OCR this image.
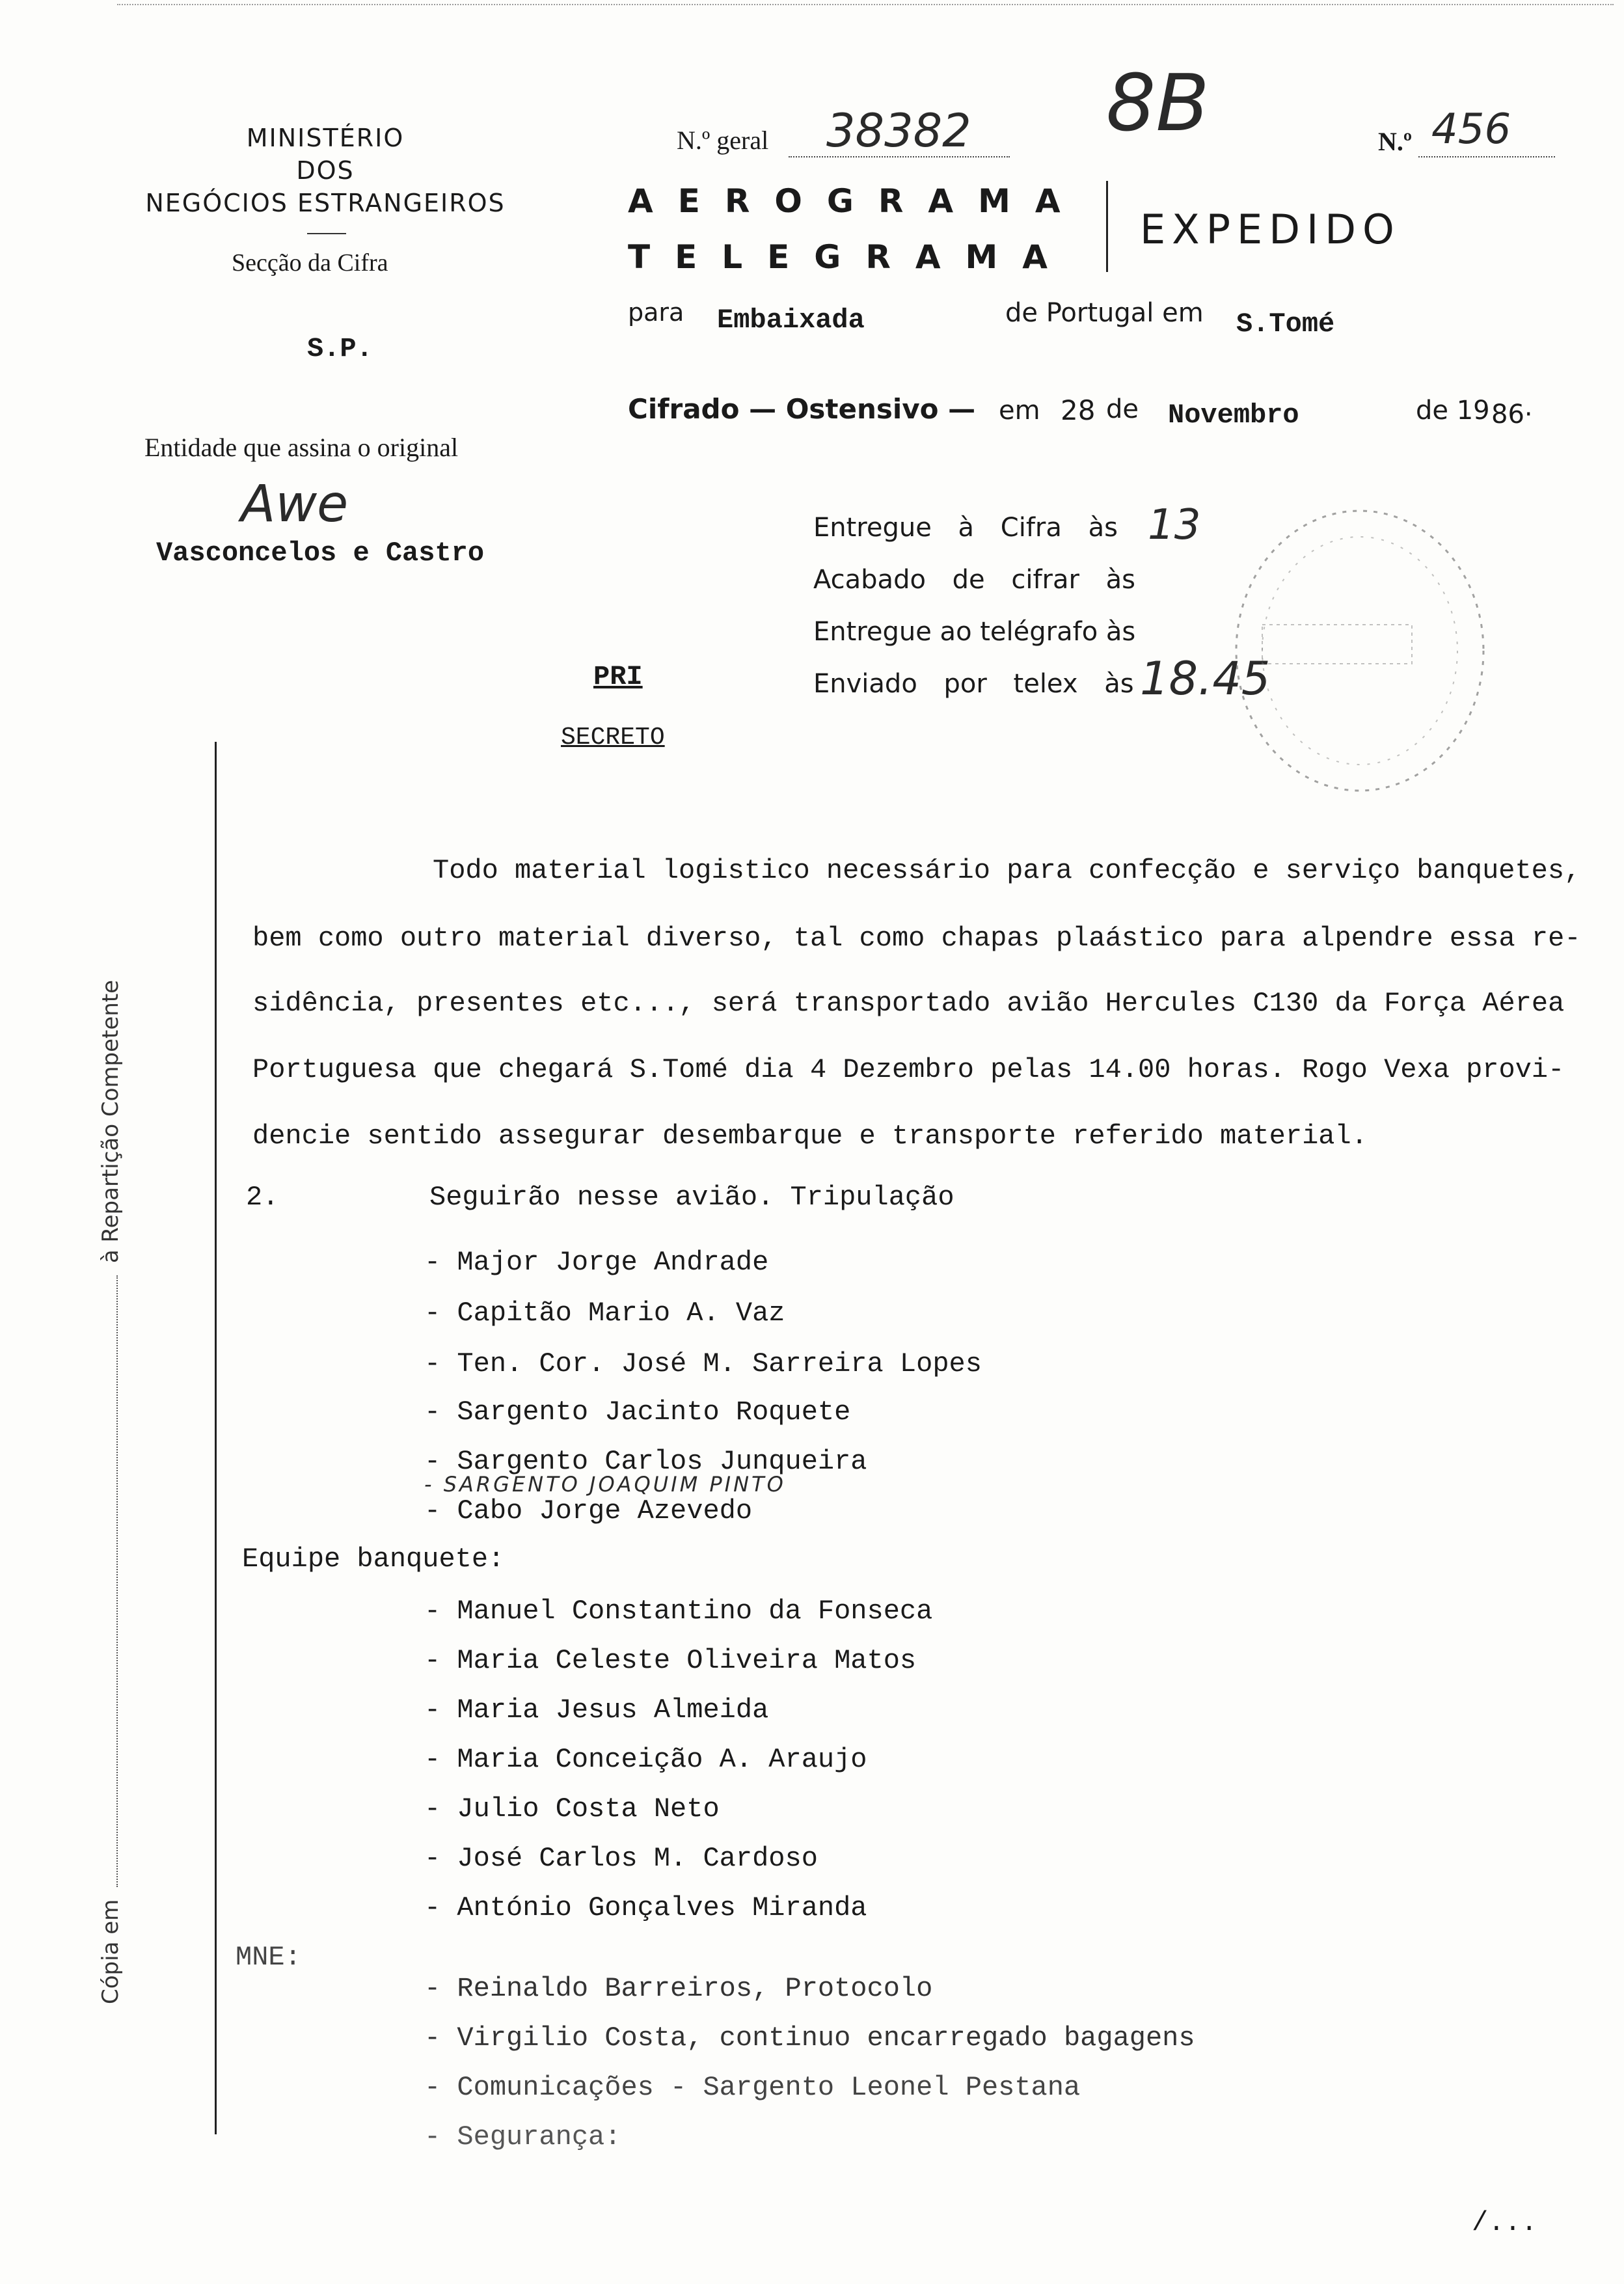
MINISTÉRIO
DOS
NEGÓCIOS ESTRANGEIROS
Secção da Cifra
S.P.
Entidade que assina o original
Awe
Vasconcelos e Castro
N.º geral 38382 8B	N.º 456
AEROGRAMA
TELEGRAMA
EXPEDIDO
para Embaixada	de Portugal em S.Tomé
Cifrado — Ostensivo — em 28 de Novembro	de 19 86·
Entregue à Cifra às 13
Acabado de cifrar às
Entregue ao telégrafo às
Enviado por telex às 18.45
PRI
SECRETO
Cópia em  à Repartição Competente
Todo material logistico necessário para confecção e serviço banquetes,
bem como outro material diverso, tal como chapas plaástico para alpendre essa re-
sidência, presentes etc..., será transportado avião Hercules C130 da Força Aérea
Portuguesa que chegará S.Tomé dia 4 Dezembro pelas 14.00 horas. Rogo Vexa provi-
dencie sentido assegurar desembarque e transporte referido material.
2.	Seguirão nesse avião. Tripulação
- Major Jorge Andrade
- Capitão Mario A. Vaz
- Ten. Cor. José M. Sarreira Lopes
- Sargento Jacinto Roquete
- Sargento Carlos Junqueira
- SARGENTO JOAQUIM PINTO
- Cabo Jorge Azevedo
Equipe banquete:
- Manuel Constantino da Fonseca
- Maria Celeste Oliveira Matos
- Maria Jesus Almeida
- Maria Conceição A. Araujo
- Julio Costa Neto
- José Carlos M. Cardoso
- António Gonçalves Miranda
MNE:
- Reinaldo Barreiros, Protocolo
- Virgilio Costa, continuo encarregado bagagens
- Comunicações - Sargento Leonel Pestana
- Segurança:
/...
